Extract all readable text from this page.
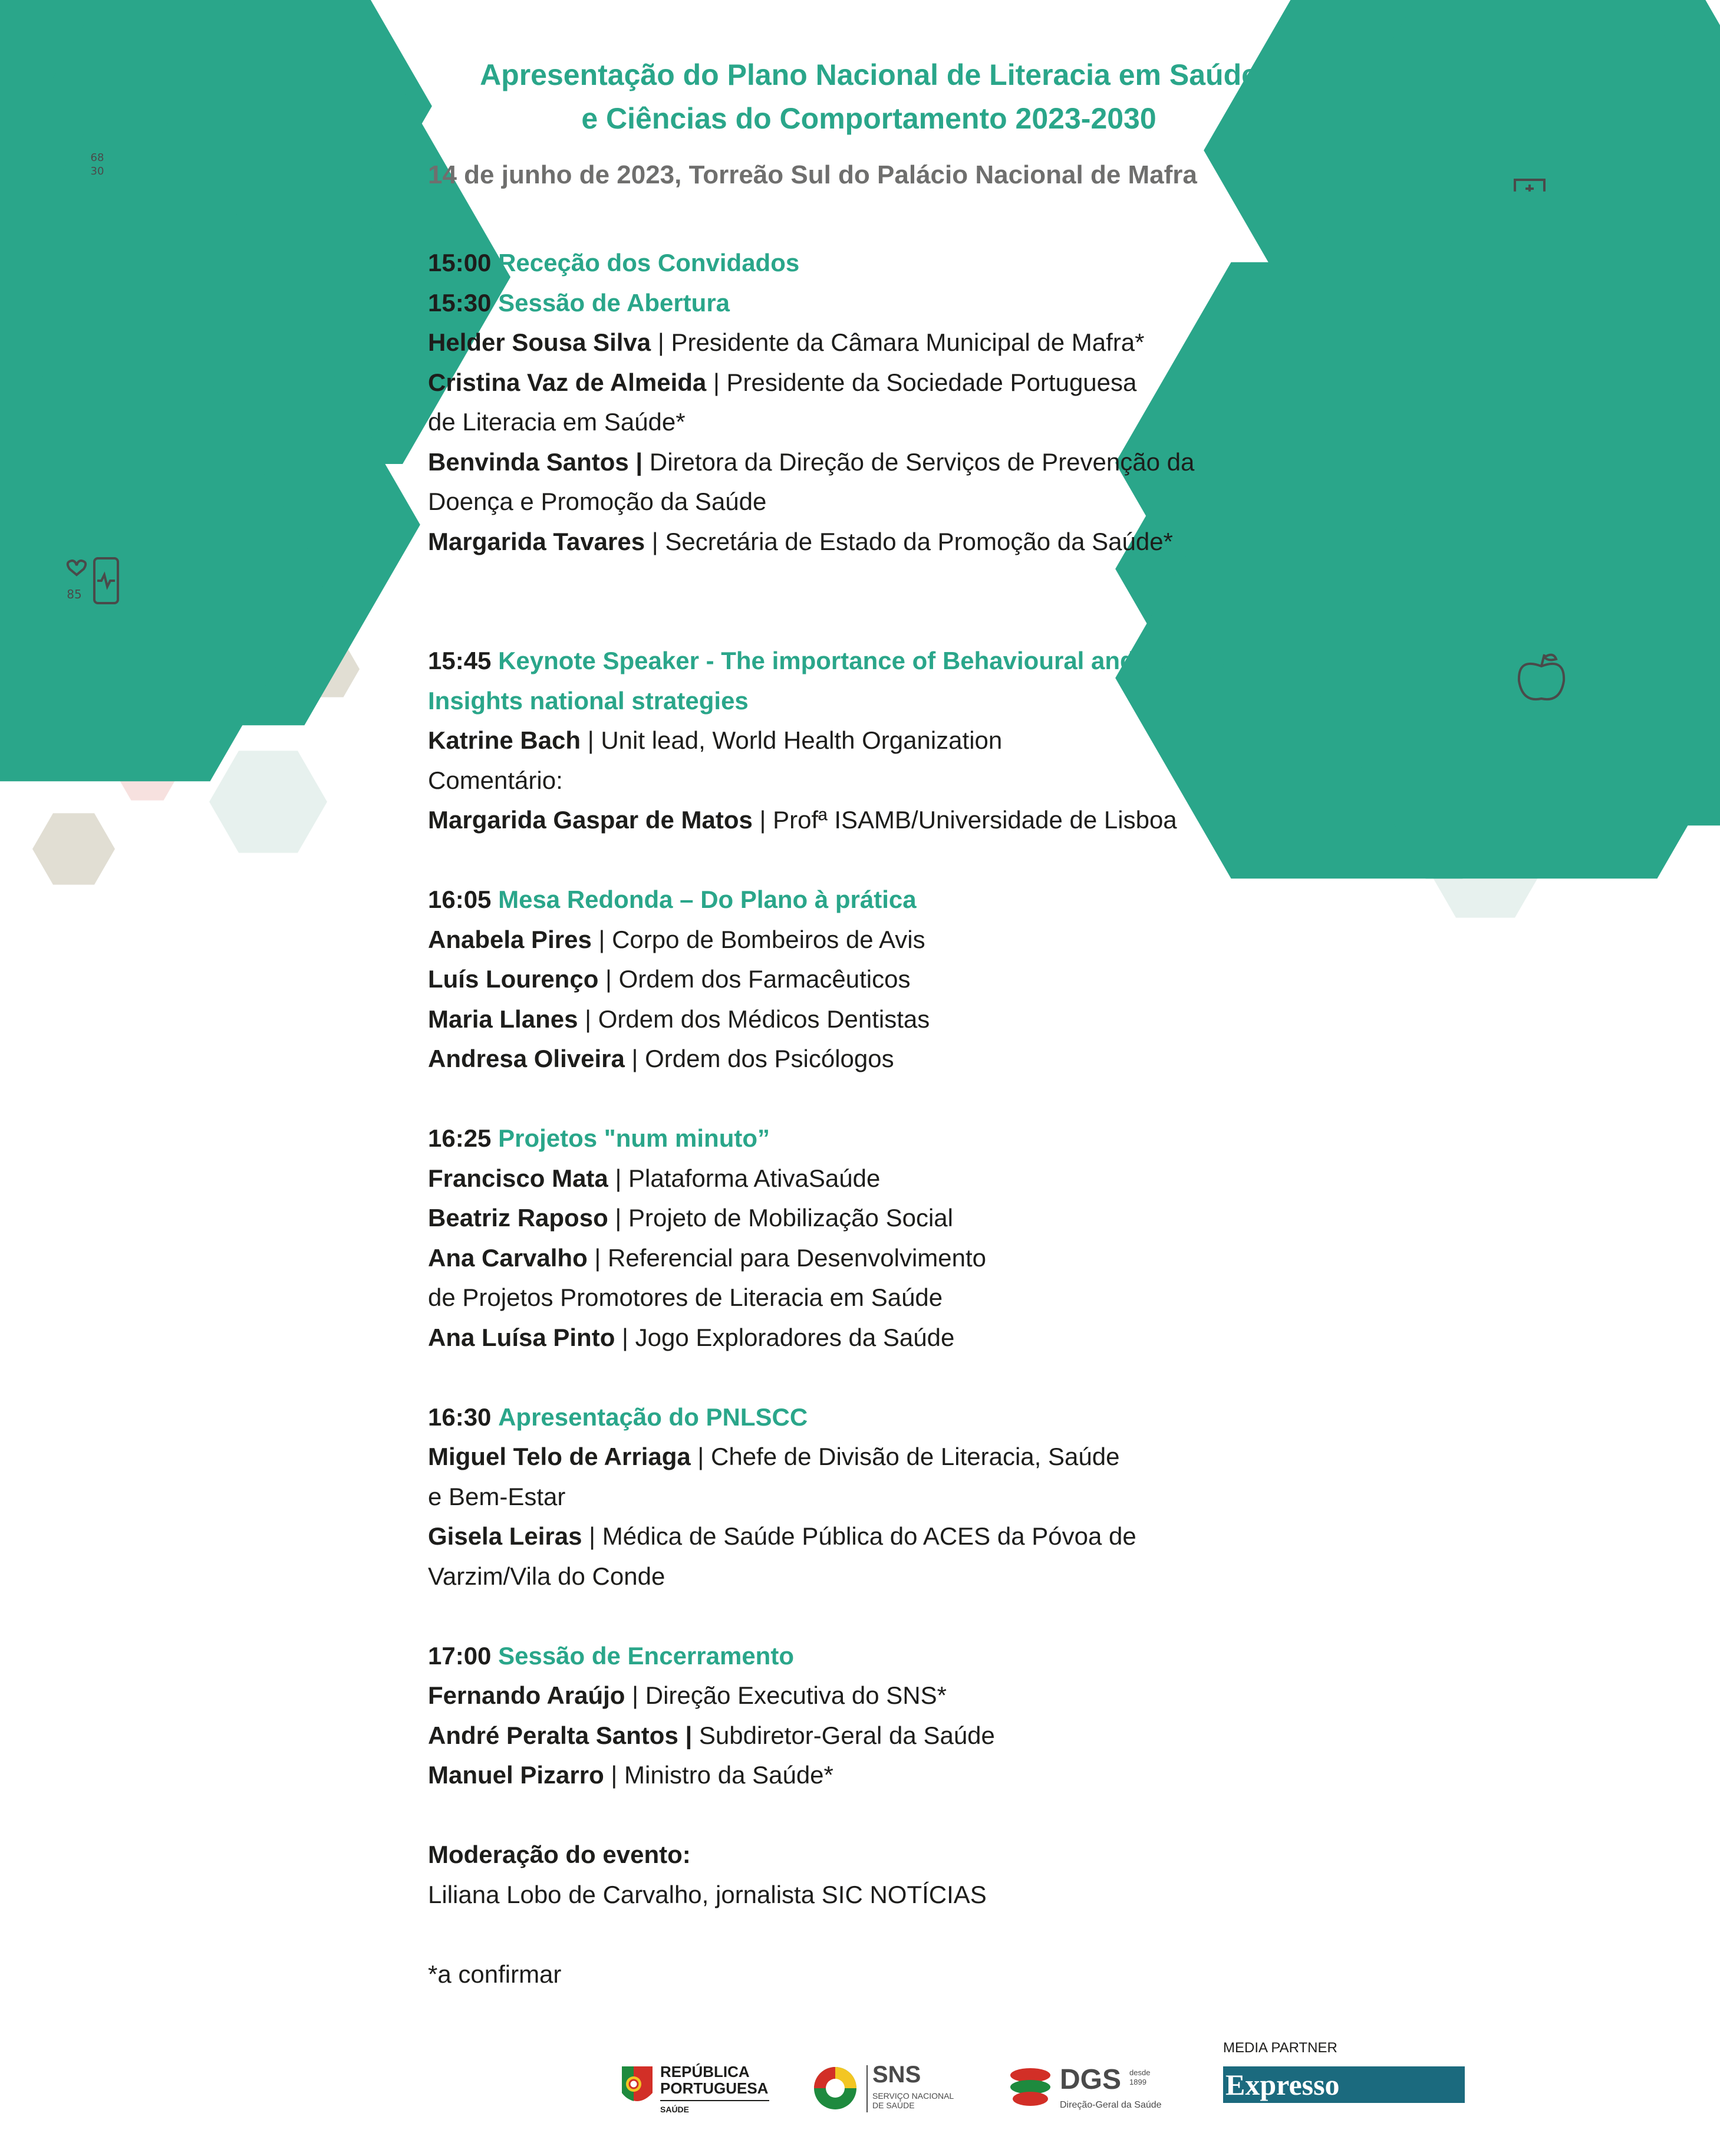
68
30
85
Apresentação do Plano Nacional de Literacia em Saúde
e Ciências do Comportamento 2023-2030
14 de junho de 2023, Torreão Sul do Palácio Nacional de Mafra
15:00 Receção dos Convidados
15:30 Sessão de Abertura
Helder Sousa Silva | Presidente da Câmara Municipal de Mafra*
Cristina Vaz de Almeida | Presidente da Sociedade Portuguesa
de Literacia em Saúde*
Benvinda Santos | Diretora da Direção de Serviços de Prevenção da
Doença e Promoção da Saúde
Margarida Tavares | Secretária de Estado da Promoção da Saúde*
15:45 Keynote Speaker - The importance of Behavioural and Cultural
Insights national strategies
Katrine Bach | Unit lead, World Health Organization
Comentário:
Margarida Gaspar de Matos | Profª ISAMB/Universidade de Lisboa
16:05 Mesa Redonda – Do Plano à prática
Anabela Pires | Corpo de Bombeiros de Avis
Luís Lourenço | Ordem dos Farmacêuticos
Maria Llanes | Ordem dos Médicos Dentistas
Andresa Oliveira | Ordem dos Psicólogos
16:25 Projetos "num minuto”
Francisco Mata | Plataforma AtivaSaúde
Beatriz Raposo | Projeto de Mobilização Social
Ana Carvalho | Referencial para Desenvolvimento
de Projetos Promotores de Literacia em Saúde
Ana Luísa Pinto | Jogo Exploradores da Saúde
16:30 Apresentação do PNLSCC
Miguel Telo de Arriaga | Chefe de Divisão de Literacia, Saúde
e Bem-Estar
Gisela Leiras | Médica de Saúde Pública do ACES da Póvoa de
Varzim/Vila do Conde
17:00 Sessão de Encerramento
Fernando Araújo | Direção Executiva do SNS*
André Peralta Santos | Subdiretor-Geral da Saúde
Manuel Pizarro | Ministro da Saúde*
Moderação do evento:
Liliana Lobo de Carvalho, jornalista SIC NOTÍCIAS
*a confirmar
REPÚBLICA
PORTUGUESA
SAÚDE
SNS
SERVIÇO NACIONAL
DE SAÚDE
DGS desde
1899
Direção-Geral da Saúde
MEDIA PARTNER
Expresso
